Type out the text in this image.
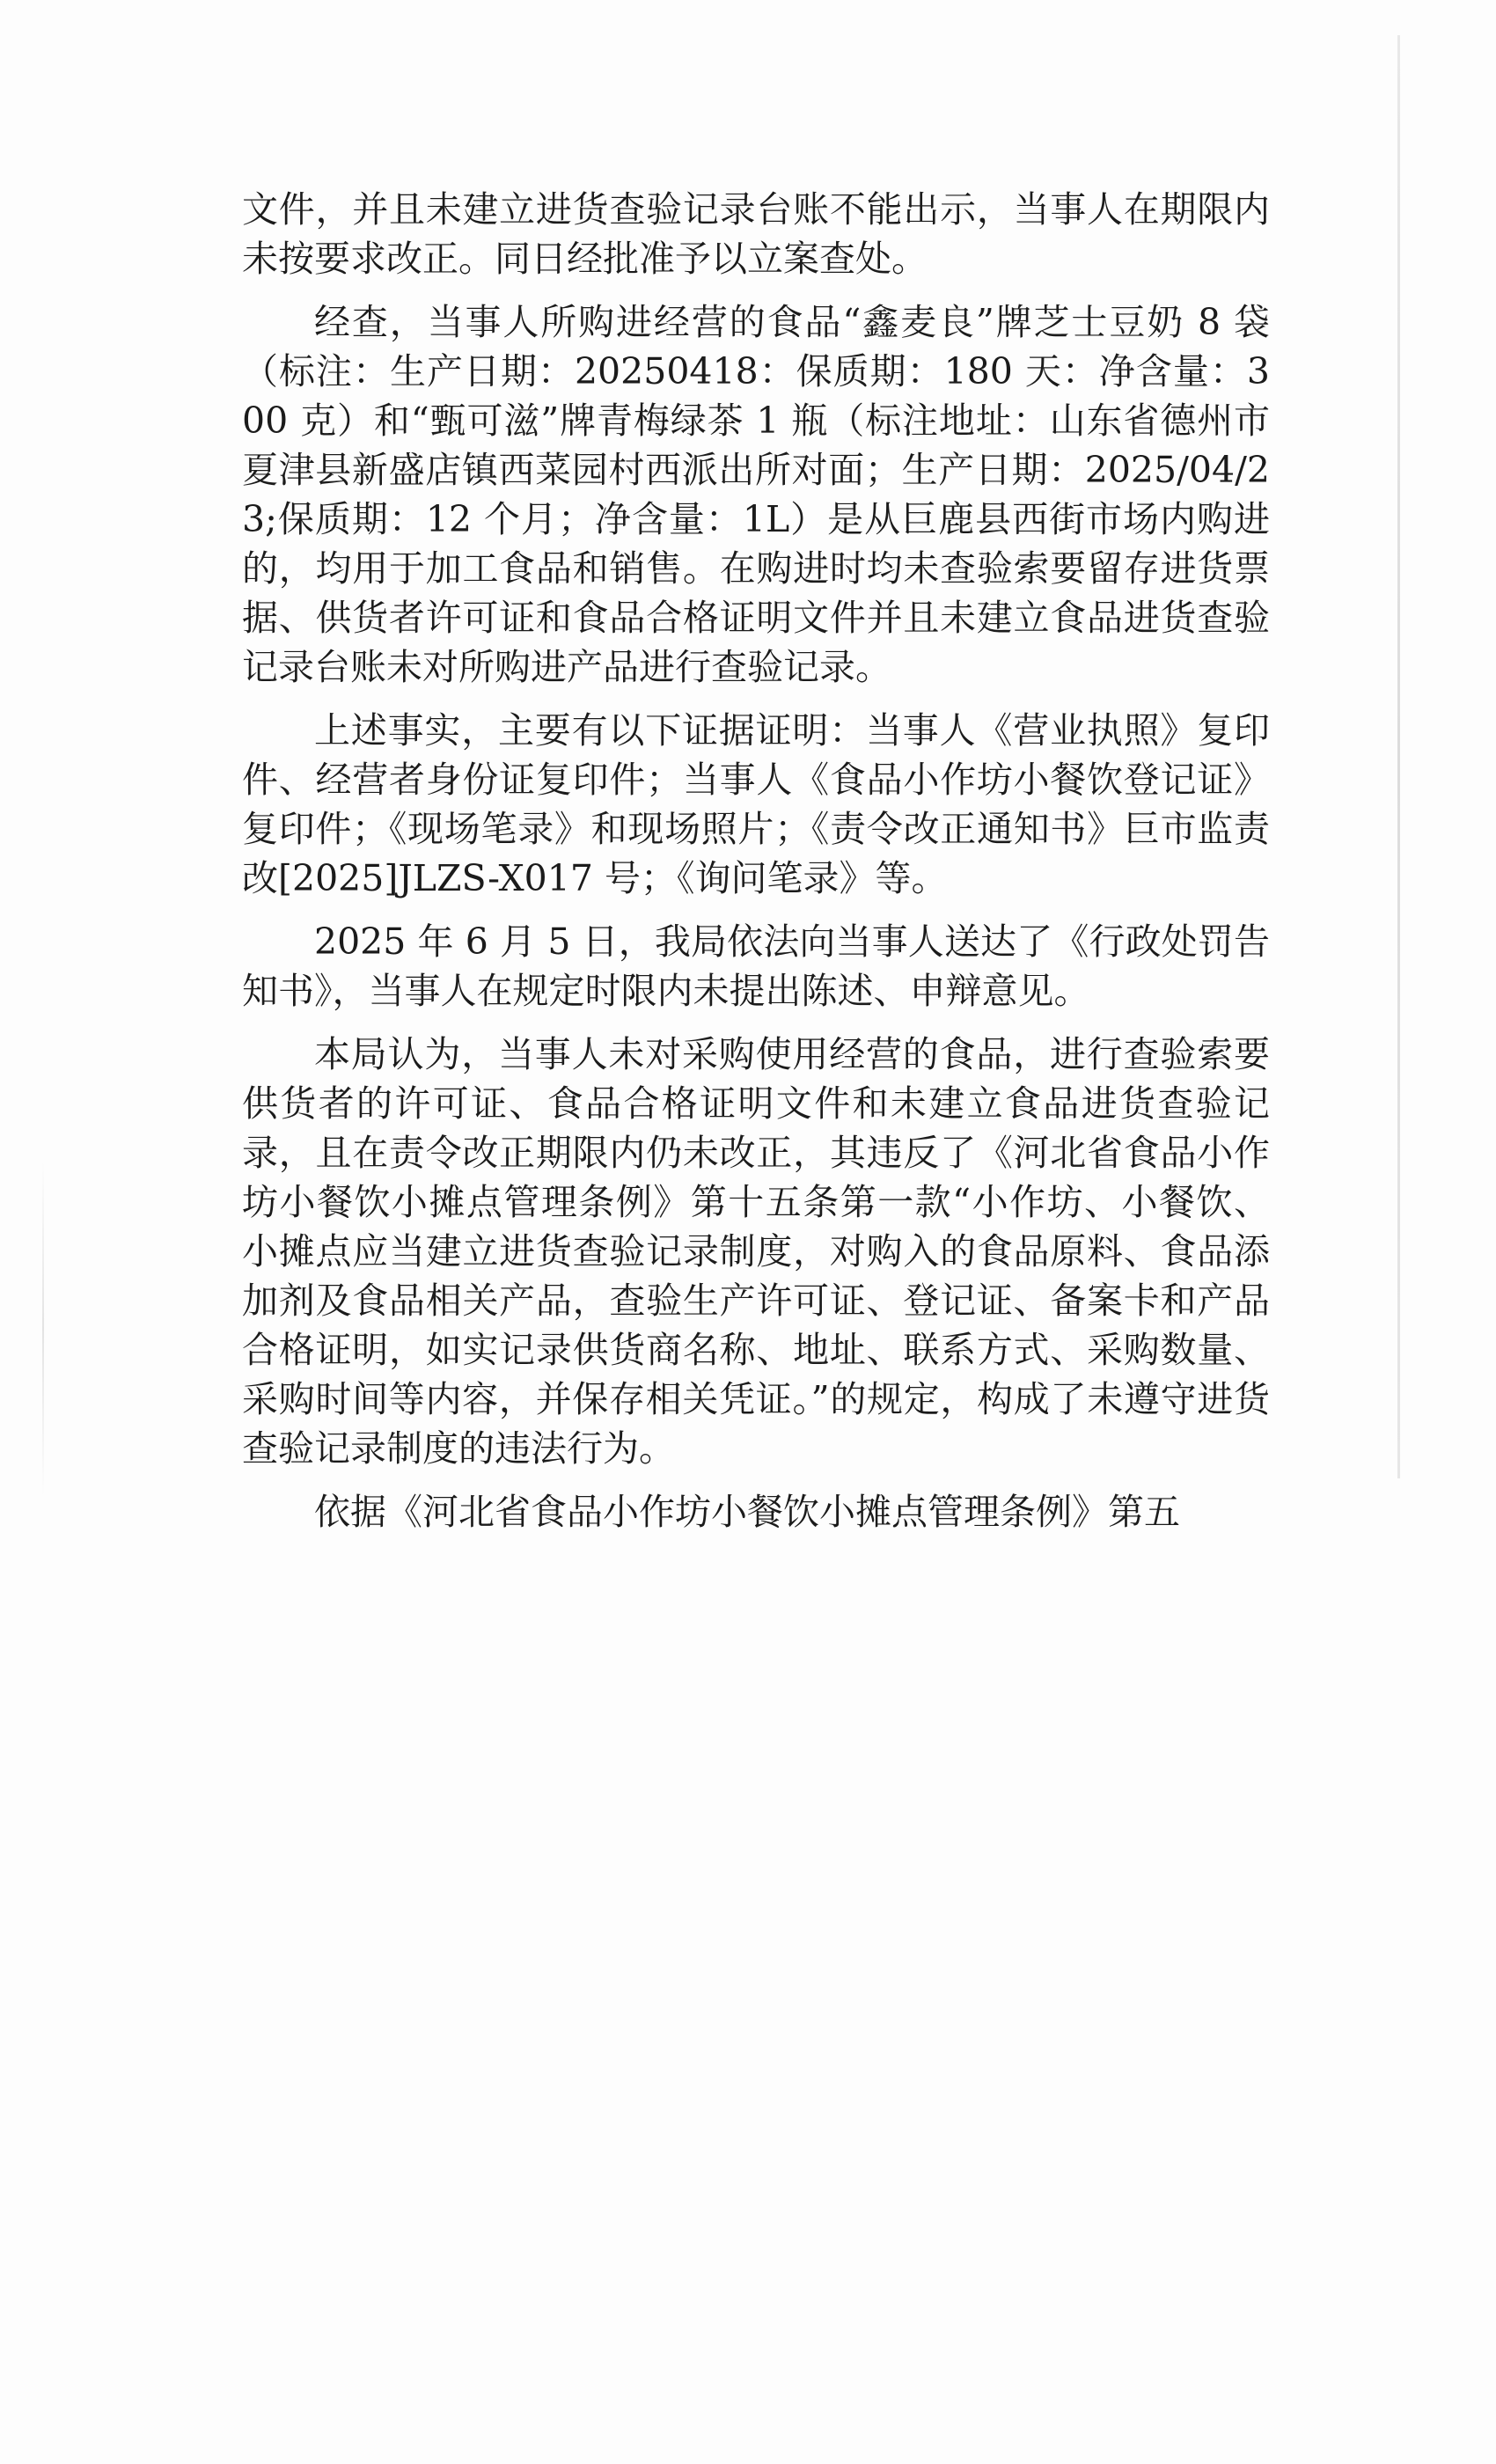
文件，并且未建立进货查验记录台账不能出示，当事人在期限内未按要求改正。同日经批准予以立案查处。

经查，当事人所购进经营的食品“鑫麦良”牌芝士豆奶 8 袋（标注：生产日期：20250418：保质期：180 天：净含量：300 克）和“甄可滋”牌青梅绿茶 1 瓶（标注地址：山东省德州市夏津县新盛店镇西菜园村西派出所对面；生产日期：2025/04/23;保质期：12 个月；净含量：1L）是从巨鹿县西街市场内购进的，均用于加工食品和销售。在购进时均未查验索要留存进货票据、供货者许可证和食品合格证明文件并且未建立食品进货查验记录台账未对所购进产品进行查验记录。

上述事实，主要有以下证据证明：当事人《营业执照》复印件、经营者身份证复印件；当事人《食品小作坊小餐饮登记证》复印件；《现场笔录》和现场照片；《责令改正通知书》巨市监责改[2025]JLZS-X017 号；《询问笔录》等。

2025 年 6 月 5 日，我局依法向当事人送达了《行政处罚告知书》，当事人在规定时限内未提出陈述、申辩意见。

本局认为，当事人未对采购使用经营的食品，进行查验索要供货者的许可证、食品合格证明文件和未建立食品进货查验记录，且在责令改正期限内仍未改正，其违反了《河北省食品小作坊小餐饮小摊点管理条例》第十五条第一款“小作坊、小餐饮、小摊点应当建立进货查验记录制度，对购入的食品原料、食品添加剂及食品相关产品，查验生产许可证、登记证、备案卡和产品合格证明，如实记录供货商名称、地址、联系方式、采购数量、采购时间等内容，并保存相关凭证。”的规定，构成了未遵守进货查验记录制度的违法行为。

依据《河北省食品小作坊小餐饮小摊点管理条例》第五
